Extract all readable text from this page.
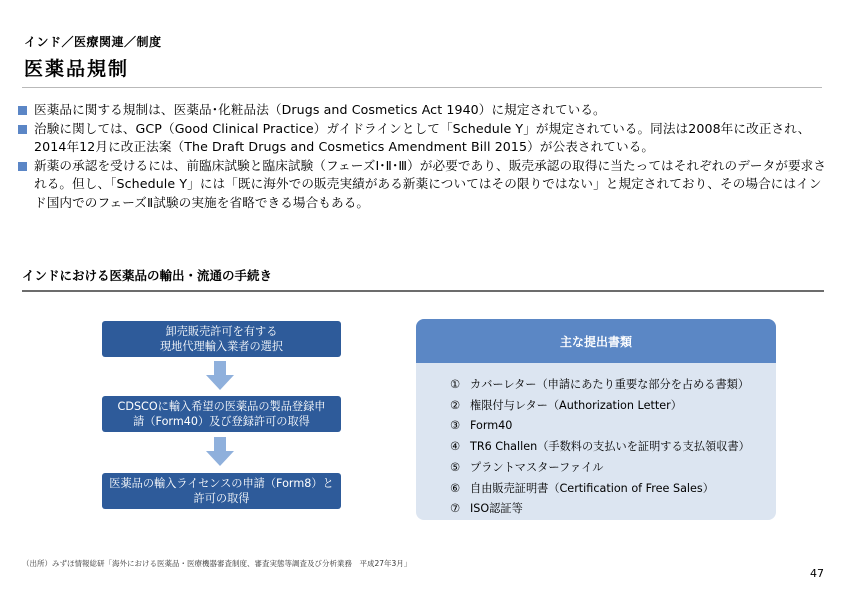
インド／医療関連／制度
医薬品規制
医薬品に関する規制は、医薬品･化粧品法（Drugs and Cosmetics Act 1940）に規定されている。
治験に関しては、GCP（Good Clinical Practice）ガイドラインとして「Schedule Y」が規定されている。同法は2008年に改正され、2014年12月に改正法案（The Draft Drugs and Cosmetics Amendment Bill 2015）が公表されている。
新薬の承認を受けるには、前臨床試験と臨床試験（フェーズⅠ･Ⅱ･Ⅲ）が必要であり、販売承認の取得に当たってはそれぞれのデータが要求される。但し、「Schedule Y」には「既に海外での販売実績がある新薬についてはその限りではない」と規定されており、その場合にはインド国内でのフェーズⅡ試験の実施を省略できる場合もある。
インドにおける医薬品の輸出・流通の手続き
卸売販売許可を有する
現地代理輸入業者の選択
CDSCOに輸入希望の医薬品の製品登録申
請（Form40）及び登録許可の取得
医薬品の輸入ライセンスの申請（Form8）と
許可の取得
主な提出書類
① カバーレター（申請にあたり重要な部分を占める書類）
② 権限付与レター（Authorization Letter）
③ Form40
④ TR6 Challen（手数料の支払いを証明する支払領収書）
⑤ プラントマスターファイル
⑥ 自由販売証明書（Certification of Free Sales）
⑦ ISO認証等
（出所）みずほ情報総研「海外における医薬品・医療機器審査制度、審査実態等調査及び分析業務　平成27年3月」
47
